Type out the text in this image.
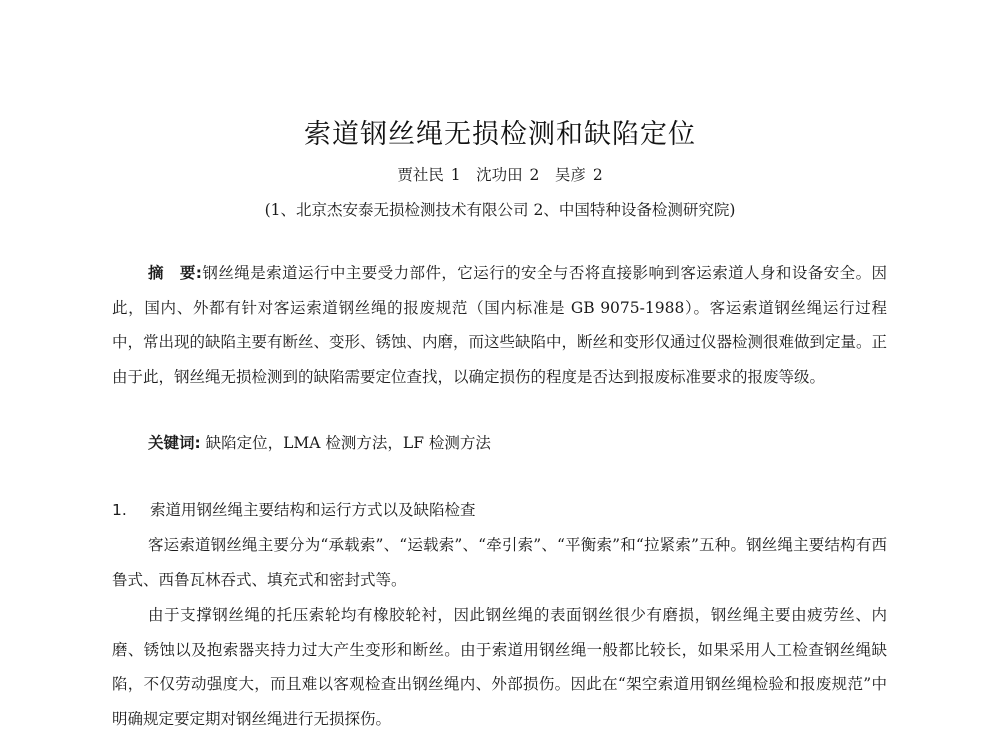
索道钢丝绳无损检测和缺陷定位
贾社民 1　沈功田 2　吴彦 2
(1、北京杰安泰无损检测技术有限公司 2、中国特种设备检测研究院)

摘　要:钢丝绳是索道运行中主要受力部件，它运行的安全与否将直接影响到客运索道人身和设备安全。因此，国内、外都有针对客运索道钢丝绳的报废规范（国内标准是 GB 9075-1988）。客运索道钢丝绳运行过程中，常出现的缺陷主要有断丝、变形、锈蚀、内磨，而这些缺陷中，断丝和变形仅通过仪器检测很难做到定量。正由于此，钢丝绳无损检测到的缺陷需要定位查找，以确定损伤的程度是否达到报废标准要求的报废等级。

关键词: 缺陷定位，LMA 检测方法，LF 检测方法
1. 索道用钢丝绳主要结构和运行方式以及缺陷检查

客运索道钢丝绳主要分为“承载索”、“运载索”、“牵引索”、“平衡索”和“拉紧索”五种。钢丝绳主要结构有西鲁式、西鲁瓦林吞式、填充式和密封式等。

由于支撑钢丝绳的托压索轮均有橡胶轮衬，因此钢丝绳的表面钢丝很少有磨损，钢丝绳主要由疲劳丝、内磨、锈蚀以及抱索器夹持力过大产生变形和断丝。由于索道用钢丝绳一般都比较长，如果采用人工检查钢丝绳缺陷，不仅劳动强度大，而且难以客观检查出钢丝绳内、外部损伤。因此在“架空索道用钢丝绳检验和报废规范”中明确规定要定期对钢丝绳进行无损探伤。
